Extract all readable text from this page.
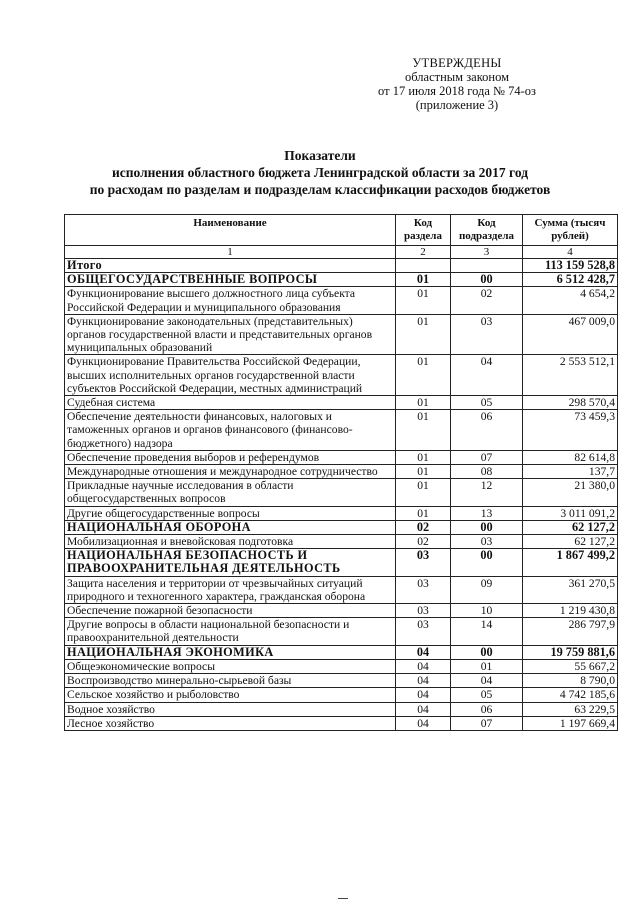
УТВЕРЖДЕНЫ
областным законом
от 17 июля 2018 года № 74-оз
(приложение 3)
Показатели
исполнения областного бюджета Ленинградской области за 2017 год
по расходам по разделам и подразделам классификации расходов бюджетов
Наименование	Код раздела	Код подраздела	Сумма (тысяч рублей)
1	2	3	4
Итого			113 159 528,8
ОБЩЕГОСУДАРСТВЕННЫЕ ВОПРОСЫ	01	00	6 512 428,7
Функционирование высшего должностного лица субъекта Российской Федерации и муниципального образования	01	02	4 654,2
Функционирование законодательных (представительных) органов государственной власти и представительных органов муниципальных образований	01	03	467 009,0
Функционирование Правительства Российской Федерации, высших исполнительных органов государственной власти субъектов Российской Федерации, местных администраций	01	04	2 553 512,1
Судебная система	01	05	298 570,4
Обеспечение деятельности финансовых, налоговых и таможенных органов и органов финансового (финансово-бюджетного) надзора	01	06	73 459,3
Обеспечение проведения выборов и референдумов	01	07	82 614,8
Международные отношения и международное сотрудничество	01	08	137,7
Прикладные научные исследования в области общегосударственных вопросов	01	12	21 380,0
Другие общегосударственные вопросы	01	13	3 011 091,2
НАЦИОНАЛЬНАЯ ОБОРОНА	02	00	62 127,2
Мобилизационная и вневойсковая подготовка	02	03	62 127,2
НАЦИОНАЛЬНАЯ БЕЗОПАСНОСТЬ И ПРАВООХРАНИТЕЛЬНАЯ ДЕЯТЕЛЬНОСТЬ	03	00	1 867 499,2
Защита населения и территории от чрезвычайных ситуаций природного и техногенного характера, гражданская оборона	03	09	361 270,5
Обеспечение пожарной безопасности	03	10	1 219 430,8
Другие вопросы в области национальной безопасности и правоохранительной деятельности	03	14	286 797,9
НАЦИОНАЛЬНАЯ ЭКОНОМИКА	04	00	19 759 881,6
Общеэкономические вопросы	04	01	55 667,2
Воспроизводство минерально-сырьевой базы	04	04	8 790,0
Сельское хозяйство и рыболовство	04	05	4 742 185,6
Водное хозяйство	04	06	63 229,5
Лесное хозяйство	04	07	1 197 669,4
